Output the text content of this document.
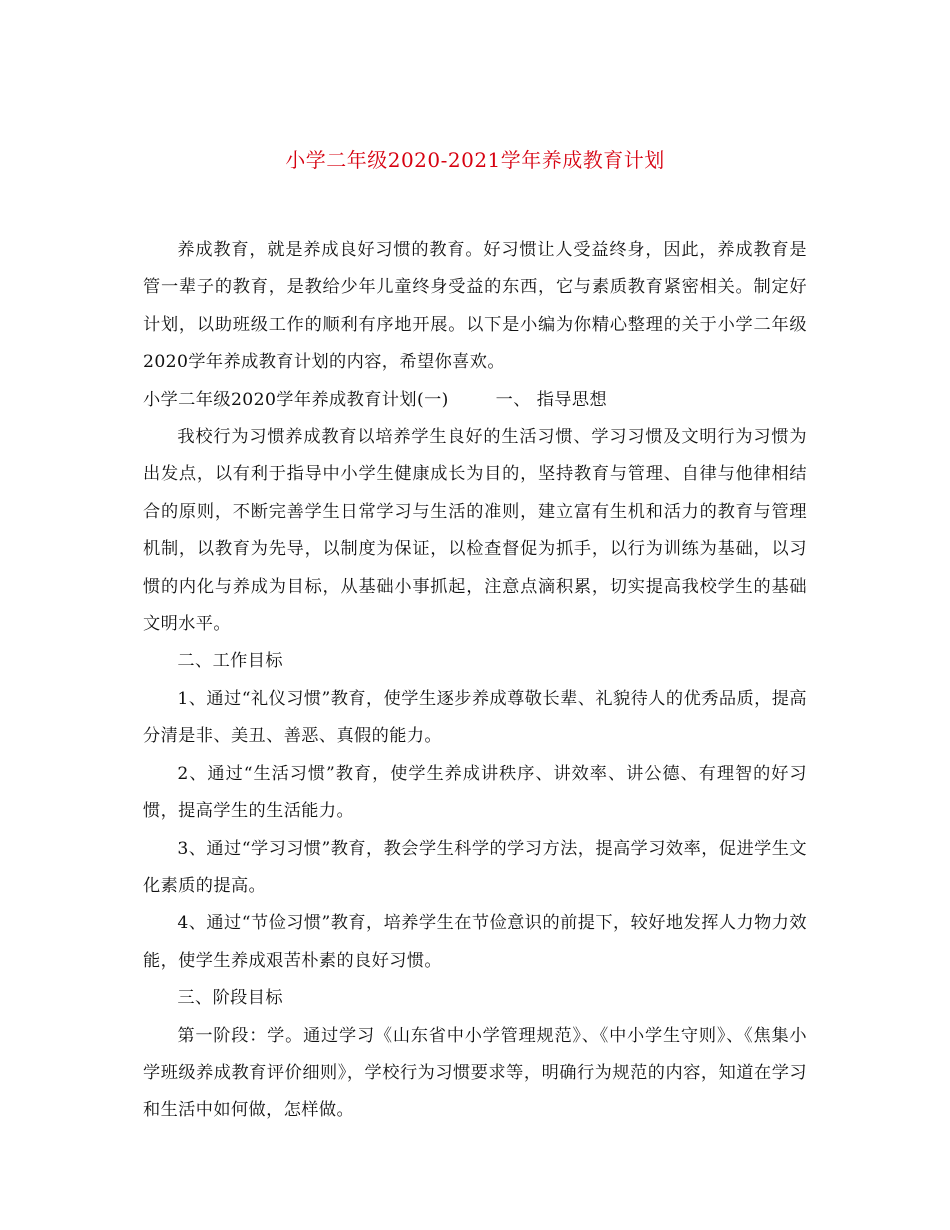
小学二年级2020-2021学年养成教育计划

养成教育，就是养成良好习惯的教育。好习惯让人受益终身，因此，养成教育是管一辈子的教育，是教给少年儿童终身受益的东西，它与素质教育紧密相关。制定好计划，以助班级工作的顺利有序地开展。以下是小编为你精心整理的关于小学二年级2020学年养成教育计划的内容，希望你喜欢。

小学二年级2020学年养成教育计划(一)        一、 指导思想

我校行为习惯养成教育以培养学生良好的生活习惯、学习习惯及文明行为习惯为出发点，以有利于指导中小学生健康成长为目的，坚持教育与管理、自律与他律相结合的原则，不断完善学生日常学习与生活的准则，建立富有生机和活力的教育与管理机制，以教育为先导，以制度为保证，以检查督促为抓手，以行为训练为基础，以习惯的内化与养成为目标，从基础小事抓起，注意点滴积累，切实提高我校学生的基础文明水平。

二、工作目标

1、通过“礼仪习惯”教育，使学生逐步养成尊敬长辈、礼貌待人的优秀品质，提高分清是非、美丑、善恶、真假的能力。

2、通过“生活习惯”教育，使学生养成讲秩序、讲效率、讲公德、有理智的好习惯，提高学生的生活能力。

3、通过“学习习惯”教育，教会学生科学的学习方法，提高学习效率，促进学生文化素质的提高。

4、通过“节俭习惯”教育，培养学生在节俭意识的前提下，较好地发挥人力物力效能，使学生养成艰苦朴素的良好习惯。

三、阶段目标

第一阶段：学。通过学习《山东省中小学管理规范》、《中小学生守则》、《焦集小学班级养成教育评价细则》，学校行为习惯要求等，明确行为规范的内容，知道在学习和生活中如何做，怎样做。
